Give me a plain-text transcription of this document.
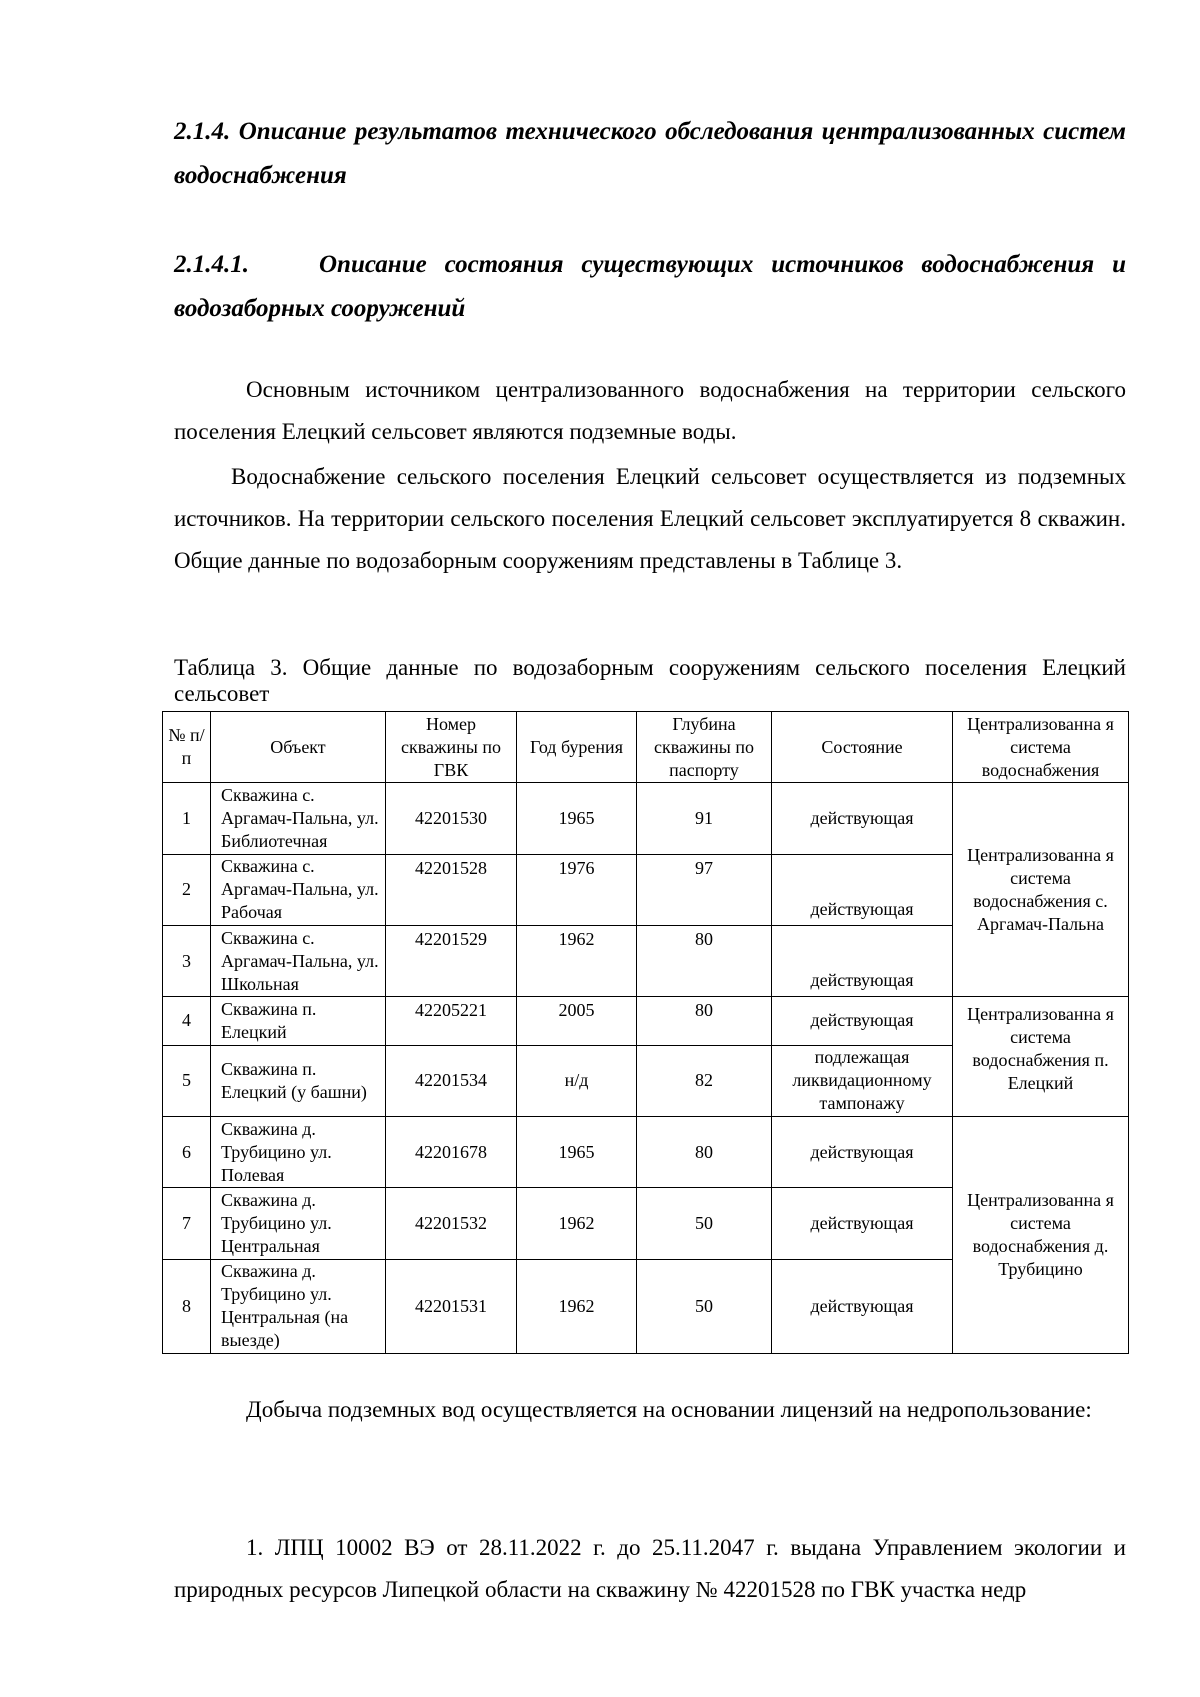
2.1.4. Описание результатов технического обследования централизованных систем водоснабжения

2.1.4.1.	Описание состояния существующих источников водоснабжения и
водозаборных сооружений

Основным источником централизованного водоснабжения на территории сельского поселения Елецкий сельсовет являются подземные воды.

Водоснабжение сельского поселения Елецкий сельсовет осуществляется из подземных источников. На территории сельского поселения Елецкий сельсовет эксплуатируется 8 скважин. Общие данные по водозаборным сооружениям представлены в Таблице 3.

Таблица 3. Общие данные по водозаборным сооружениям сельского поселения Елецкий сельсовет

№ п/ п	Объект	Номер скважины по ГВК	Год бурения	Глубина скважины по паспорту	Состояние	Централизованна я система водоснабжения
1	Скважина с. Аргамач-Пальна, ул. Библиотечная	42201530	1965	91	действующая	Централизованна я система водоснабжения с. Аргамач-Пальна
2	Скважина с. Аргамач-Пальна, ул. Рабочая	42201528	1976	97	действующая	
3	Скважина с. Аргамач-Пальна, ул. Школьная	42201529	1962	80	действующая	
4	Скважина п. Елецкий	42205221	2005	80	действующая	Централизованна я система водоснабжения п. Елецкий
5	Скважина п. Елецкий (у башни)	42201534	н/д	82	подлежащая ликвидационному тампонажу	
6	Скважина д. Трубицино ул. Полевая	42201678	1965	80	действующая	Централизованна я система водоснабжения д. Трубицино
7	Скважина д. Трубицино ул. Центральная	42201532	1962	50	действующая	
8	Скважина д. Трубицино ул. Центральная (на выезде)	42201531	1962	50	действующая	

Добыча подземных вод осуществляется на основании лицензий на недропользование:

1. ЛПЦ 10002 ВЭ от 28.11.2022 г. до 25.11.2047 г. выдана Управлением экологии и природных ресурсов Липецкой области на скважину № 42201528 по ГВК участка недр
